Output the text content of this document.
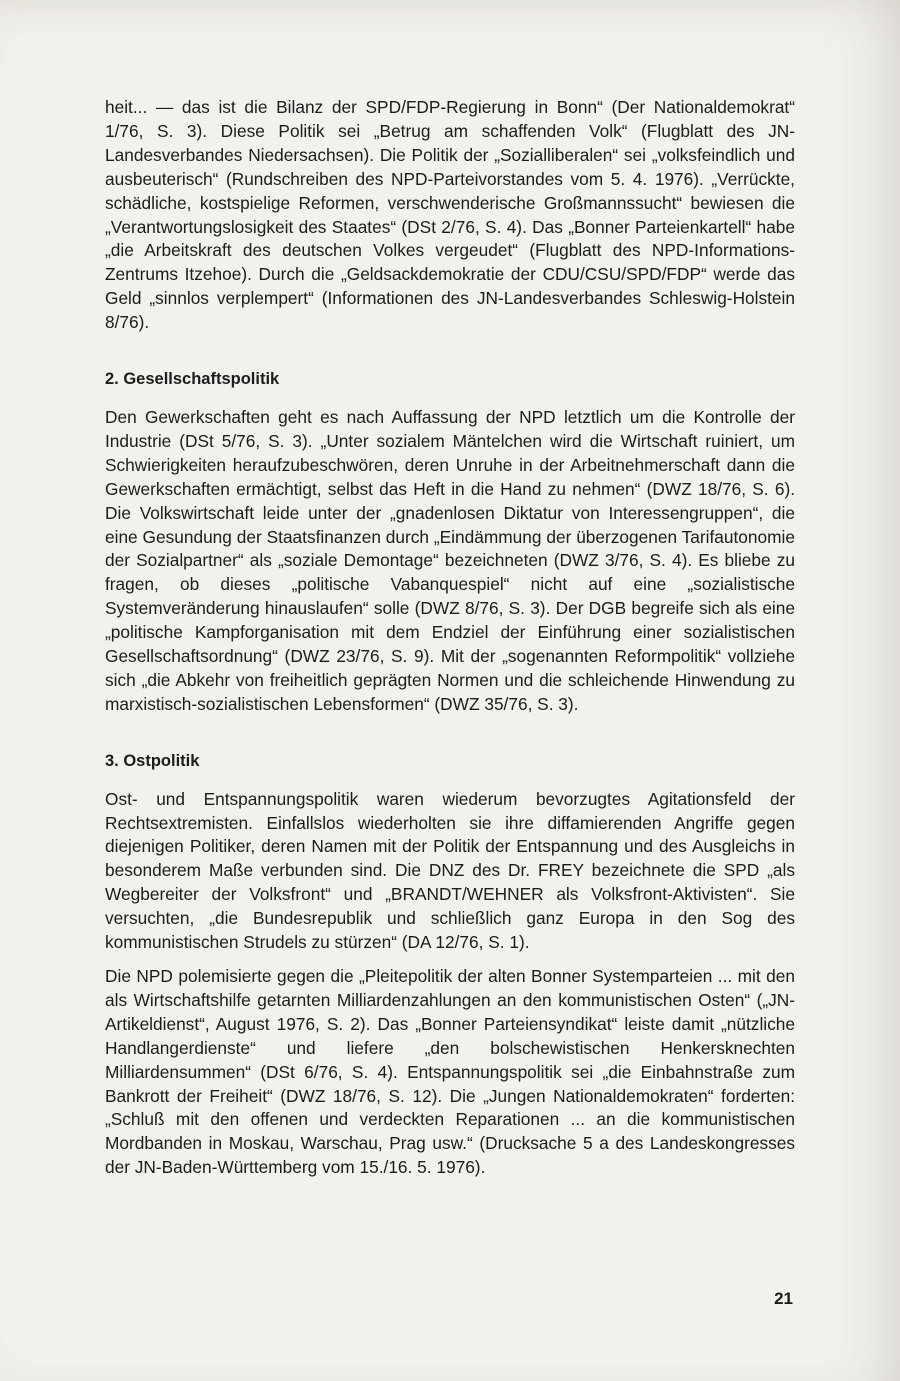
heit... — das ist die Bilanz der SPD/FDP-Regierung in Bonn“ (Der Nationaldemokrat“ 1/76, S. 3). Diese Politik sei „Betrug am schaffenden Volk“ (Flugblatt des JN-Landesverbandes Niedersachsen). Die Politik der „Sozialliberalen“ sei „volksfeindlich und ausbeuterisch“ (Rundschreiben des NPD-Parteivorstandes vom 5. 4. 1976). „Verrückte, schädliche, kostspielige Reformen, verschwenderische Großmannssucht“ bewiesen die „Verantwortungslosigkeit des Staates“ (DSt 2/76, S. 4). Das „Bonner Parteienkartell“ habe „die Arbeitskraft des deutschen Volkes vergeudet“ (Flugblatt des NPD-Informations-Zentrums Itzehoe). Durch die „Geldsackdemokratie der CDU/CSU/SPD/FDP“ werde das Geld „sinnlos verplempert“ (Informationen des JN-Landesverbandes Schleswig-Holstein 8/76).

2. Gesellschaftspolitik

Den Gewerkschaften geht es nach Auffassung der NPD letztlich um die Kontrolle der Industrie (DSt 5/76, S. 3). „Unter sozialem Mäntelchen wird die Wirtschaft ruiniert, um Schwierigkeiten heraufzubeschwören, deren Unruhe in der Arbeitnehmerschaft dann die Gewerkschaften ermächtigt, selbst das Heft in die Hand zu nehmen“ (DWZ 18/76, S. 6). Die Volkswirtschaft leide unter der „gnadenlosen Diktatur von Interessengruppen“, die eine Gesundung der Staatsfinanzen durch „Eindämmung der überzogenen Tarifautonomie der Sozialpartner“ als „soziale Demontage“ bezeichneten (DWZ 3/76, S. 4). Es bliebe zu fragen, ob dieses „politische Vabanquespiel“ nicht auf eine „sozialistische Systemveränderung hinauslaufen“ solle (DWZ 8/76, S. 3). Der DGB begreife sich als eine „politische Kampforganisation mit dem Endziel der Einführung einer sozialistischen Gesellschaftsordnung“ (DWZ 23/76, S. 9). Mit der „sogenannten Reformpolitik“ vollziehe sich „die Abkehr von freiheitlich geprägten Normen und die schleichende Hinwendung zu marxistisch-sozialistischen Lebensformen“ (DWZ 35/76, S. 3).

3. Ostpolitik

Ost- und Entspannungspolitik waren wiederum bevorzugtes Agitationsfeld der Rechtsextremisten. Einfallslos wiederholten sie ihre diffamierenden Angriffe gegen diejenigen Politiker, deren Namen mit der Politik der Entspannung und des Ausgleichs in besonderem Maße verbunden sind. Die DNZ des Dr. FREY bezeichnete die SPD „als Wegbereiter der Volksfront“ und „BRANDT/WEHNER als Volksfront-Aktivisten“. Sie versuchten, „die Bundesrepublik und schließlich ganz Europa in den Sog des kommunistischen Strudels zu stürzen“ (DA 12/76, S. 1).

Die NPD polemisierte gegen die „Pleitepolitik der alten Bonner Systemparteien ... mit den als Wirtschaftshilfe getarnten Milliardenzahlungen an den kommunistischen Osten“ („JN-Artikeldienst“, August 1976, S. 2). Das „Bonner Parteiensyndikat“ leiste damit „nützliche Handlangerdienste“ und liefere „den bolschewistischen Henkersknechten Milliardensummen“ (DSt 6/76, S. 4). Entspannungspolitik sei „die Einbahnstraße zum Bankrott der Freiheit“ (DWZ 18/76, S. 12). Die „Jungen Nationaldemokraten“ forderten: „Schluß mit den offenen und verdeckten Reparationen ... an die kommunistischen Mordbanden in Moskau, Warschau, Prag usw.“ (Drucksache 5 a des Landeskongresses der JN-Baden-Württemberg vom 15./16. 5. 1976).

21
